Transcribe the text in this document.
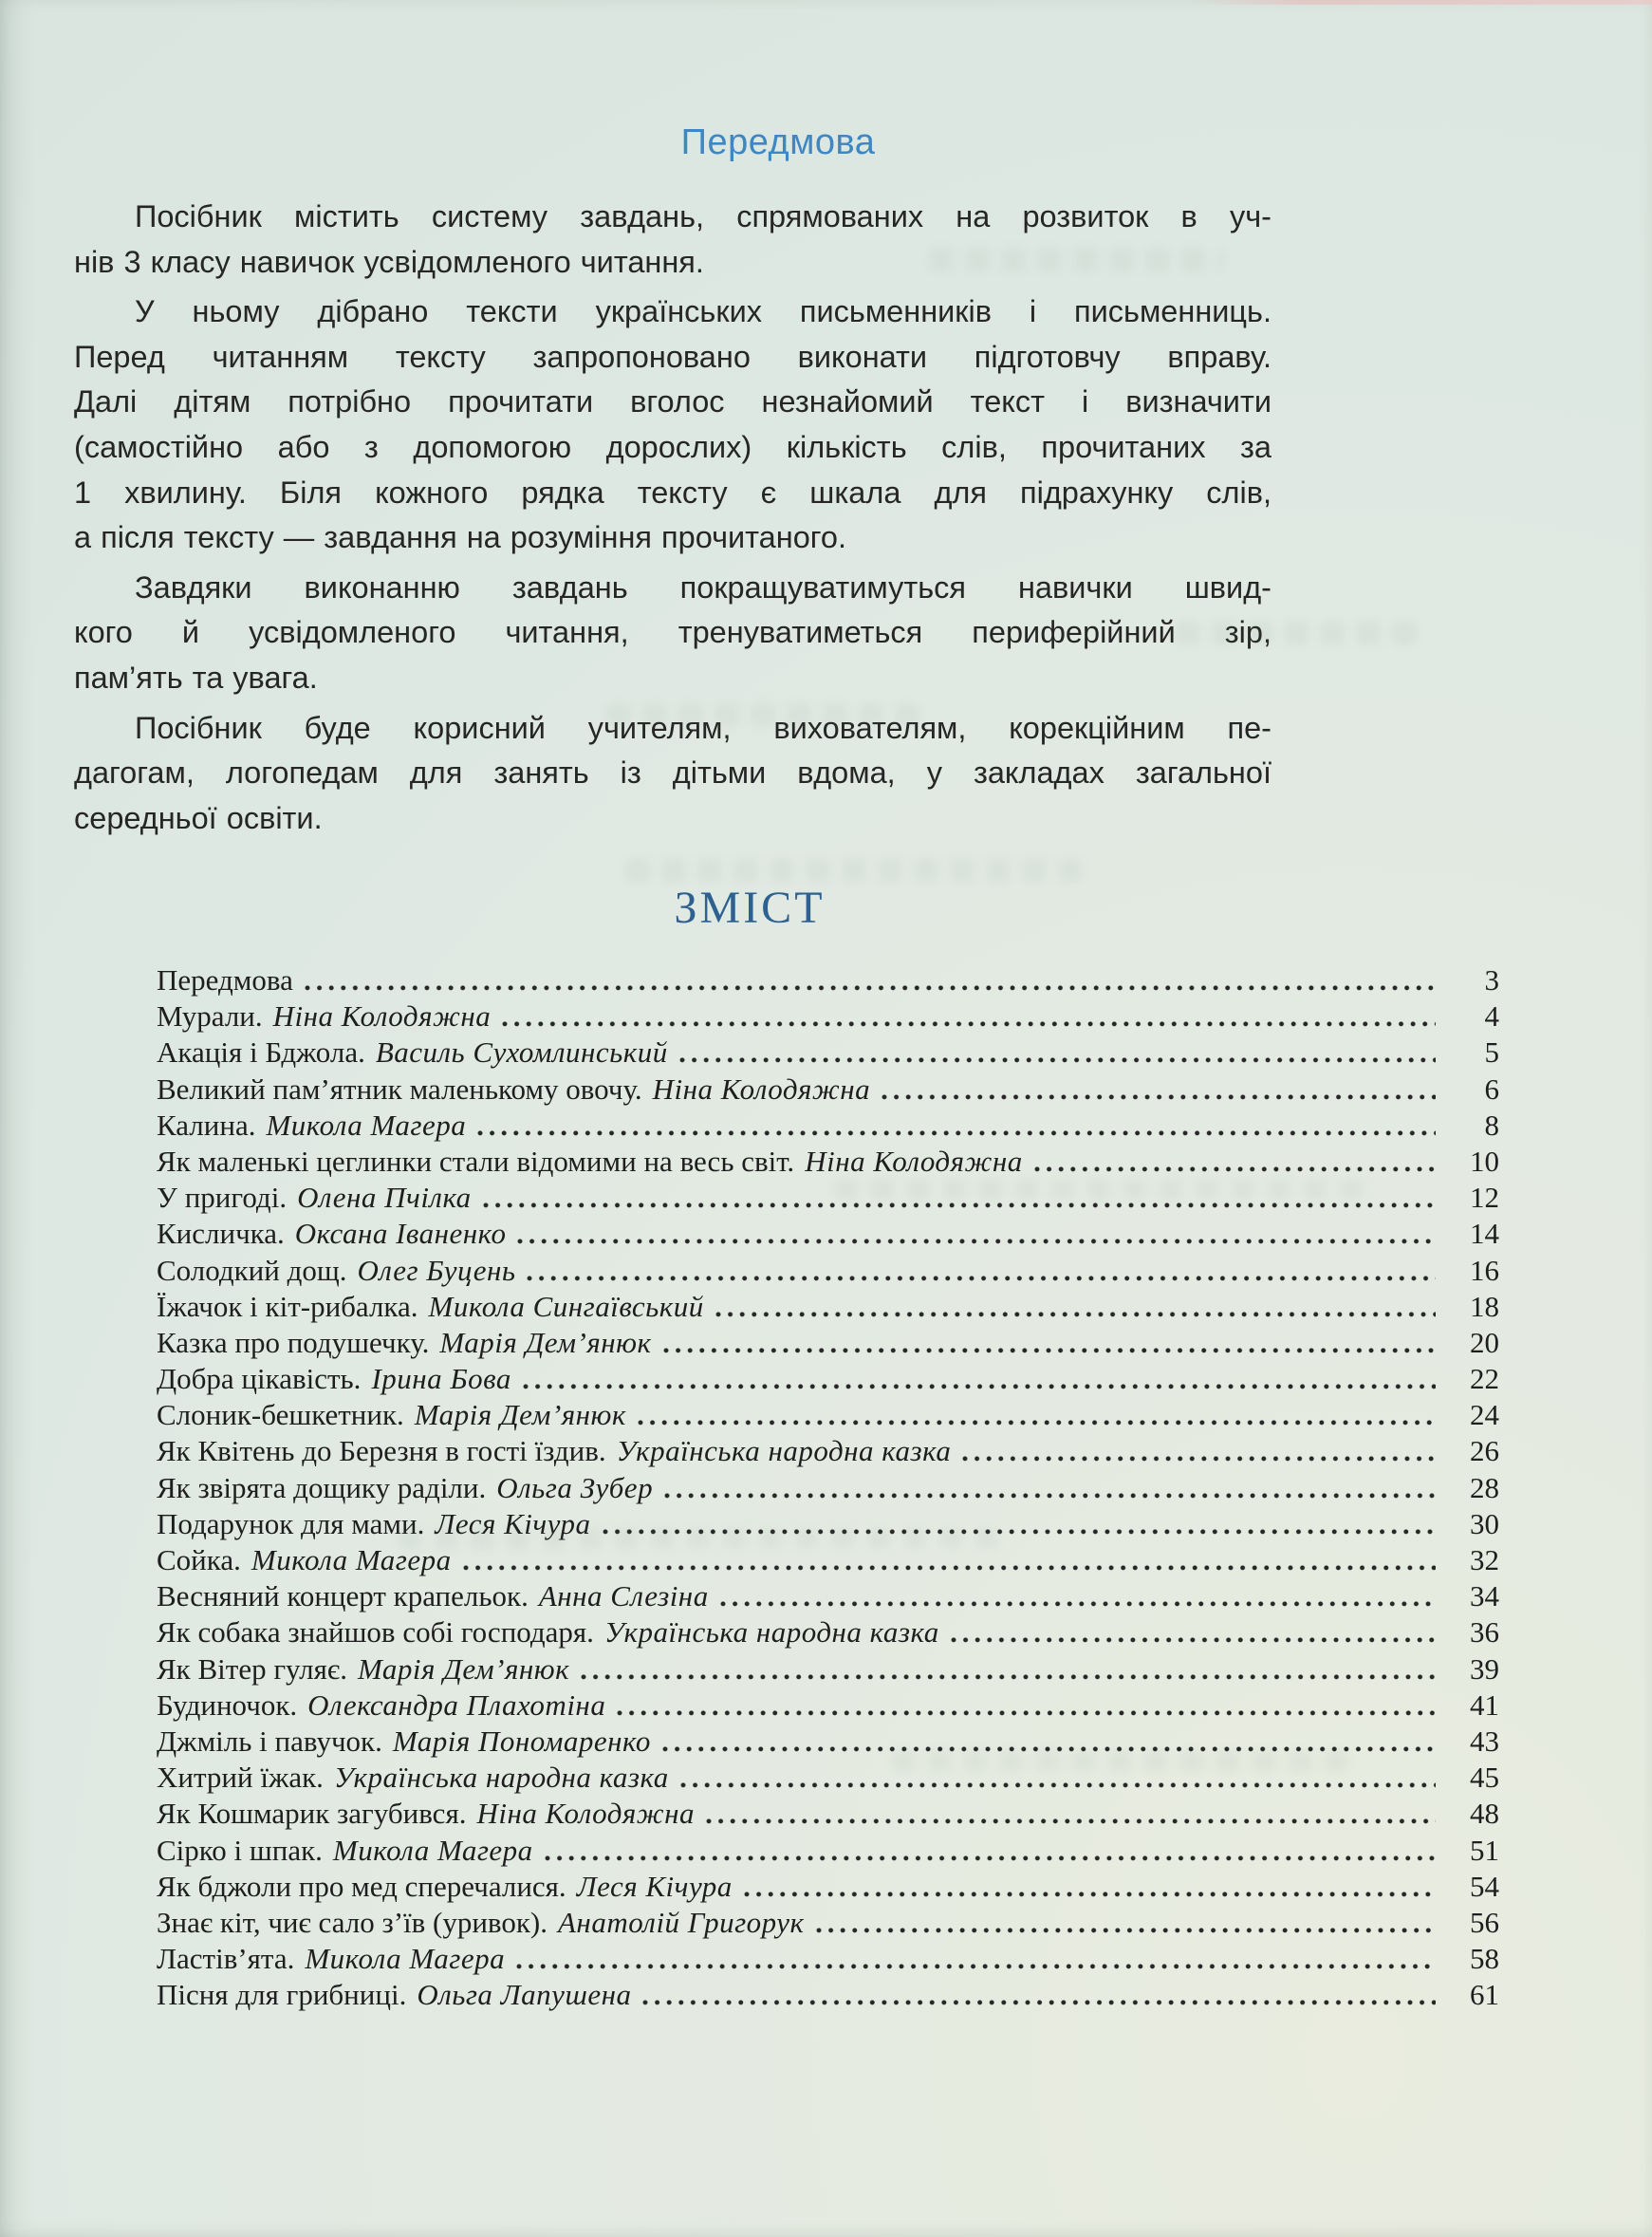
Передмова
Посібник містить систему завдань, спрямованих на розвиток в уч-
нів 3 класу навичок усвідомленого читання.
У ньому дібрано тексти українських письменників і письменниць.
Перед читанням тексту запропоновано виконати підготовчу вправу.
Далі дітям потрібно прочитати вголос незнайомий текст і визначити
(самостійно або з допомогою дорослих) кількість слів, прочитаних за
1 хвилину. Біля кожного рядка тексту є шкала для підрахунку слів,
а після тексту — завдання на розуміння прочитаного.
Завдяки виконанню завдань покращуватимуться навички швид-
кого й усвідомленого читання, тренуватиметься периферійний зір,
пам’ять та увага.
Посібник буде корисний учителям, вихователям, корекційним пе-
дагогам, логопедам для занять із дітьми вдома, у закладах загальної
середньої освіти.
ЗМІСТ
Передмова	3
Мурали. Ніна Колодяжна	4
Акація і Бджола. Василь Сухомлинський	5
Великий пам’ятник маленькому овочу. Ніна Колодяжна	6
Калина. Микола Магера	8
Як маленькі цеглинки стали відомими на весь світ. Ніна Колодяжна	10
У пригоді. Олена Пчілка	12
Кисличка. Оксана Іваненко	14
Солодкий дощ. Олег Буцень	16
Їжачок і кіт-рибалка. Микола Сингаївський	18
Казка про подушечку. Марія Дем’янюк	20
Добра цікавість. Ірина Бова	22
Слоник-бешкетник. Марія Дем’янюк	24
Як Квітень до Березня в гості їздив. Українська народна казка	26
Як звірята дощику раділи. Ольга Зубер	28
Подарунок для мами. Леся Кічура	30
Сойка. Микола Магера	32
Весняний концерт крапельок. Анна Слезіна	34
Як собака знайшов собі господаря. Українська народна казка	36
Як Вітер гуляє. Марія Дем’янюк	39
Будиночок. Олександра Плахотіна	41
Джміль і павучок. Марія Пономаренко	43
Хитрий їжак. Українська народна казка	45
Як Кошмарик загубився. Ніна Колодяжна	48
Сірко і шпак. Микола Магера	51
Як бджоли про мед сперечалися. Леся Кічура	54
Знає кіт, чиє сало з’їв (уривок). Анатолій Григорук	56
Ластів’ята. Микола Магера	58
Пісня для грибниці. Ольга Лапушена	61
